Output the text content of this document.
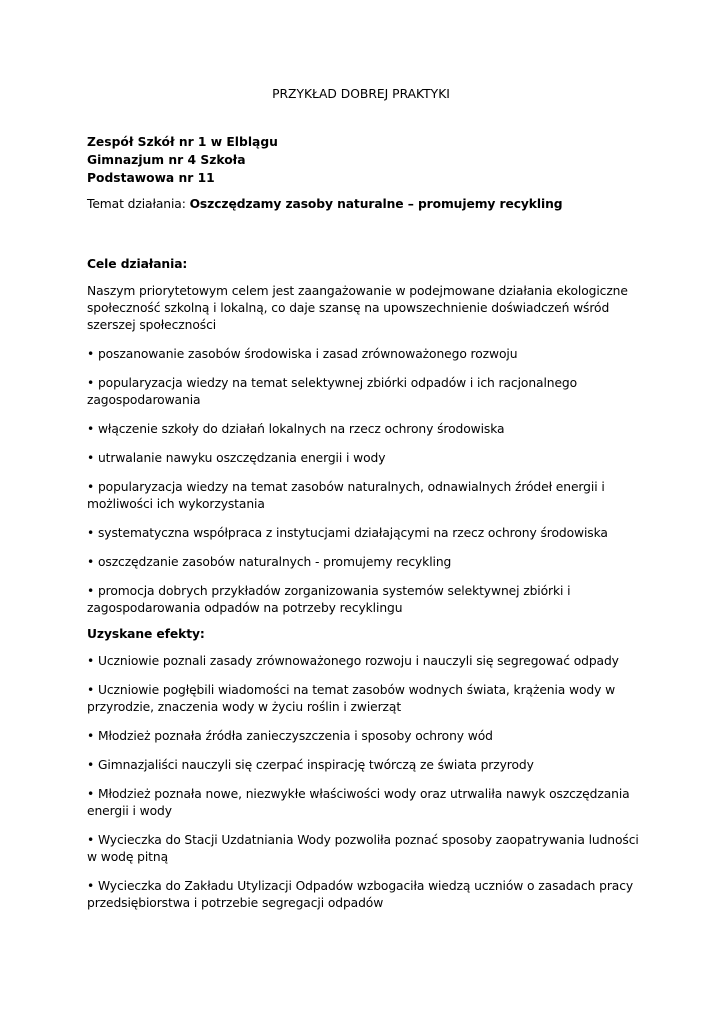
PRZYKŁAD DOBREJ PRAKTYKI
Zespół Szkół nr 1 w Elblągu
Gimnazjum nr 4 Szkoła
Podstawowa nr 11

Temat działania: Oszczędzamy zasoby naturalne – promujemy recykling

Cele działania:

Naszym priorytetowym celem jest zaangażowanie w podejmowane działania ekologiczne społeczność szkolną i lokalną, co daje szansę na upowszechnienie doświadczeń wśród szerszej społeczności

• poszanowanie zasobów środowiska i zasad zrównoważonego rozwoju

• popularyzacja wiedzy na temat selektywnej zbiórki odpadów i ich racjonalnego zagospodarowania

• włączenie szkoły do działań lokalnych na rzecz ochrony środowiska

• utrwalanie nawyku oszczędzania energii i wody

• popularyzacja wiedzy na temat zasobów naturalnych, odnawialnych źródeł energii i możliwości ich wykorzystania

• systematyczna współpraca z instytucjami działającymi na rzecz ochrony środowiska

• oszczędzanie zasobów naturalnych - promujemy recykling

• promocja dobrych przykładów zorganizowania systemów selektywnej zbiórki i zagospodarowania odpadów na potrzeby recyklingu

Uzyskane efekty:

• Uczniowie poznali zasady zrównoważonego rozwoju i nauczyli się segregować odpady

• Uczniowie pogłębili wiadomości na temat zasobów wodnych świata, krążenia wody w przyrodzie, znaczenia wody w życiu roślin i zwierząt

• Młodzież poznała źródła zanieczyszczenia i sposoby ochrony wód

• Gimnazjaliści nauczyli się czerpać inspirację twórczą ze świata przyrody

• Młodzież poznała nowe, niezwykłe właściwości wody oraz utrwaliła nawyk oszczędzania energii i wody

• Wycieczka do Stacji Uzdatniania Wody pozwoliła poznać sposoby zaopatrywania ludności w wodę pitną

• Wycieczka do Zakładu Utylizacji Odpadów wzbogaciła wiedzą uczniów o zasadach pracy przedsiębiorstwa i potrzebie segregacji odpadów
